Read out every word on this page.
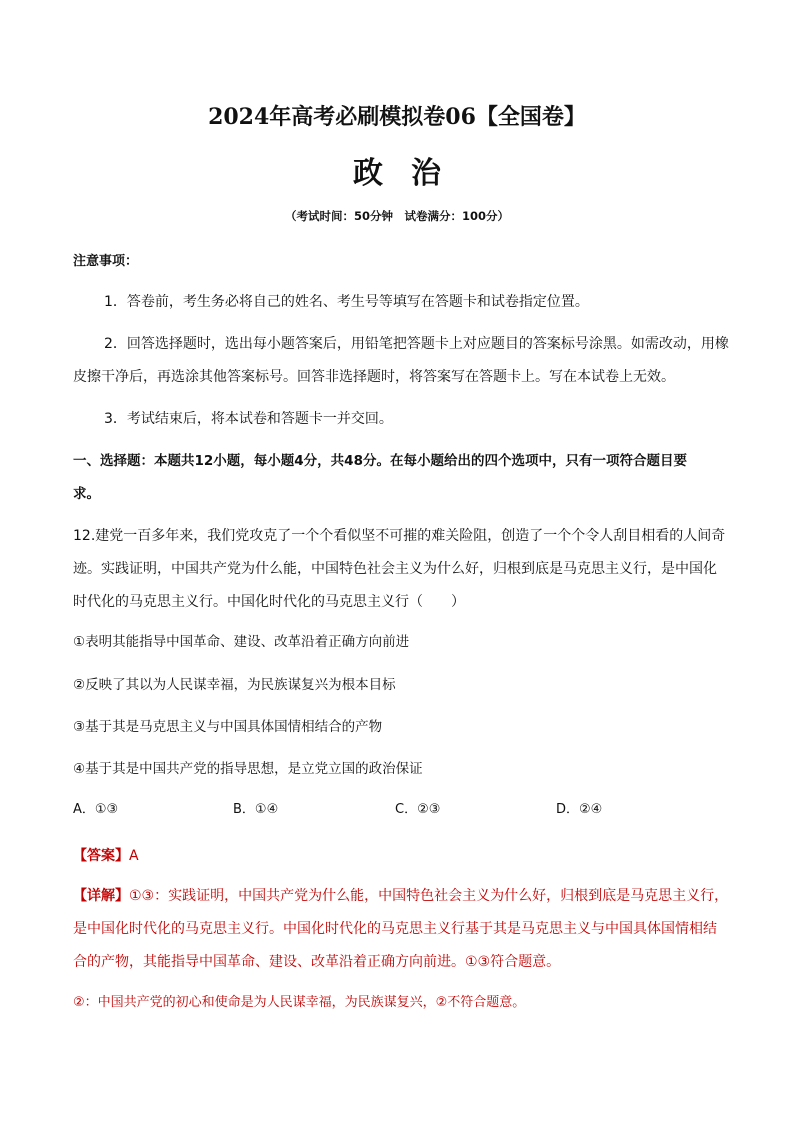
2024年高考必刷模拟卷06【全国卷】
政治
（考试时间：50分钟　试卷满分：100分）
注意事项：
1．答卷前，考生务必将自己的姓名、考生号等填写在答题卡和试卷指定位置。
2．回答选择题时，选出每小题答案后，用铅笔把答题卡上对应题目的答案标号涂黑。如需改动，用橡
皮擦干净后，再选涂其他答案标号。回答非选择题时，将答案写在答题卡上。写在本试卷上无效。
3．考试结束后，将本试卷和答题卡一并交回。
一、选择题：本题共12小题，每小题4分，共48分。在每小题给出的四个选项中，只有一项符合题目要
求。
12.建党一百多年来，我们党攻克了一个个看似坚不可摧的难关险阻，创造了一个个令人刮目相看的人间奇
迹。实践证明，中国共产党为什么能，中国特色社会主义为什么好，归根到底是马克思主义行，是中国化
时代化的马克思主义行。中国化时代化的马克思主义行（　　）
①表明其能指导中国革命、建设、改革沿着正确方向前进
②反映了其以为人民谋幸福，为民族谋复兴为根本目标
③基于其是马克思主义与中国具体国情相结合的产物
④基于其是中国共产党的指导思想，是立党立国的政治保证
A．①③	B．①④	C．②③	D．②④
【答案】A
【详解】①③：实践证明，中国共产党为什么能，中国特色社会主义为什么好，归根到底是马克思主义行，
是中国化时代化的马克思主义行。中国化时代化的马克思主义行基于其是马克思主义与中国具体国情相结
合的产物，其能指导中国革命、建设、改革沿着正确方向前进。①③符合题意。
②：中国共产党的初心和使命是为人民谋幸福，为民族谋复兴，②不符合题意。
